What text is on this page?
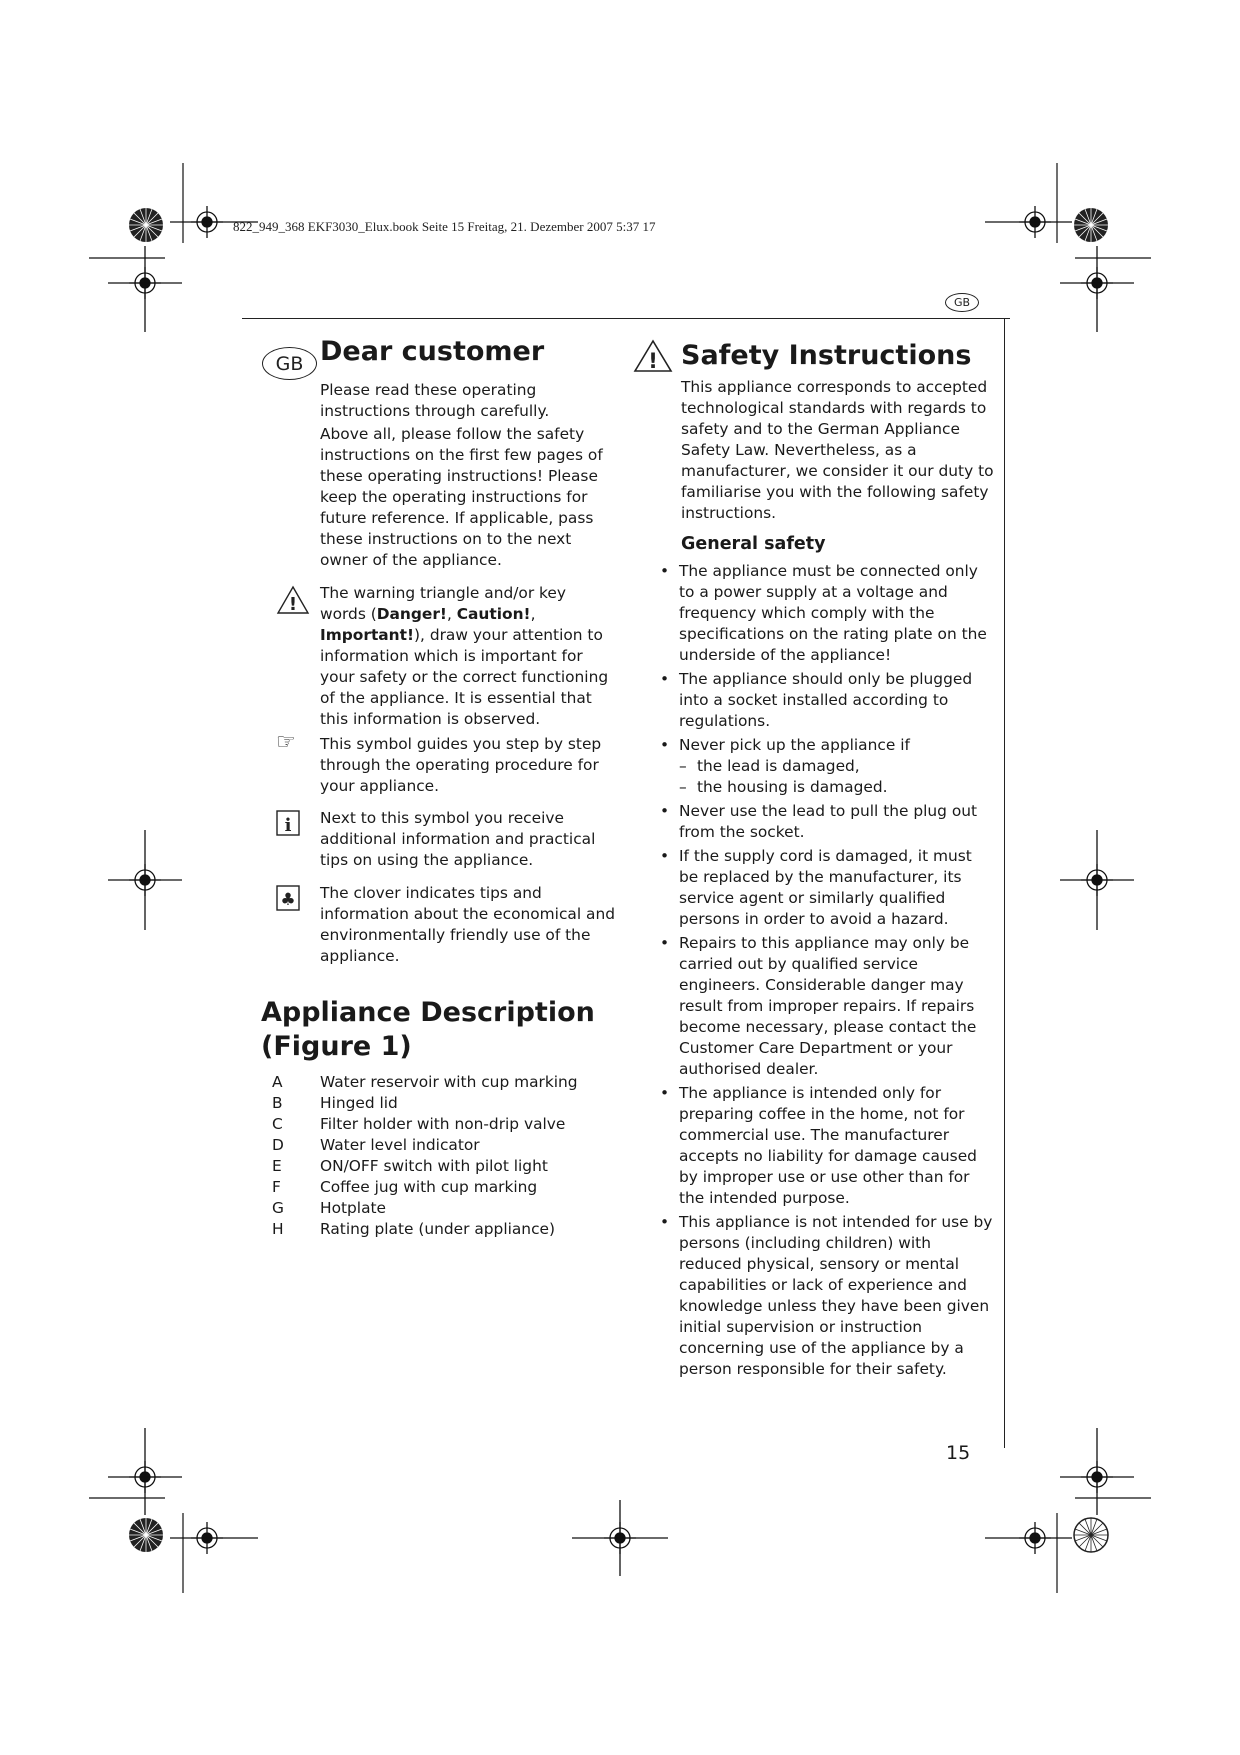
822_949_368 EKF3030_Elux.book Seite 15 Freitag, 21. Dezember 2007 5:37 17
GB
GB Dear customer

Please read these operating instructions through carefully.

Above all, please follow the safety instructions on the first few pages of these operating instructions! Please keep the operating instructions for future reference. If applicable, pass these instructions on to the next owner of the appliance.

!
The warning triangle and/or key words (Danger!, Caution!, Important!), draw your attention to information which is important for your safety or the correct functioning of the appliance. It is essential that this information is observed.
☞ This symbol guides you step by step through the operating procedure for your appliance.
i Next to this symbol you receive additional information and practical tips on using the appliance.
♣ The clover indicates tips and information about the economical and environmentally friendly use of the appliance.
Appliance Description
(Figure 1)
A	Water reservoir with cup marking
B	Hinged lid
C	Filter holder with non-drip valve
D	Water level indicator
E	ON/OFF switch with pilot light
F	Coffee jug with cup marking
G	Hotplate
H	Rating plate (under appliance)
! Safety Instructions

This appliance corresponds to accepted technological standards with regards to safety and to the German Appliance Safety Law. Nevertheless, as a manufacturer, we consider it our duty to familiarise you with the following safety instructions.

General safety
• The appliance must be connected only to a power supply at a voltage and frequency which comply with the specifications on the rating plate on the underside of the appliance!
• The appliance should only be plugged into a socket installed according to regulations.
• Never pick up the appliance if
– the lead is damaged,
– the housing is damaged.
• Never use the lead to pull the plug out from the socket.
• If the supply cord is damaged, it must be replaced by the manufacturer, its service agent or similarly qualified persons in order to avoid a hazard.
• Repairs to this appliance may only be carried out by qualified service engineers. Considerable danger may result from improper repairs. If repairs become necessary, please contact the Customer Care Department or your authorised dealer.
• The appliance is intended only for preparing coffee in the home, not for commercial use. The manufacturer accepts no liability for damage caused by improper use or use other than for the intended purpose.
• This appliance is not intended for use by persons (including children) with reduced physical, sensory or mental capabilities or lack of experience and knowledge unless they have been given initial supervision or instruction concerning use of the appliance by a person responsible for their safety.
15
